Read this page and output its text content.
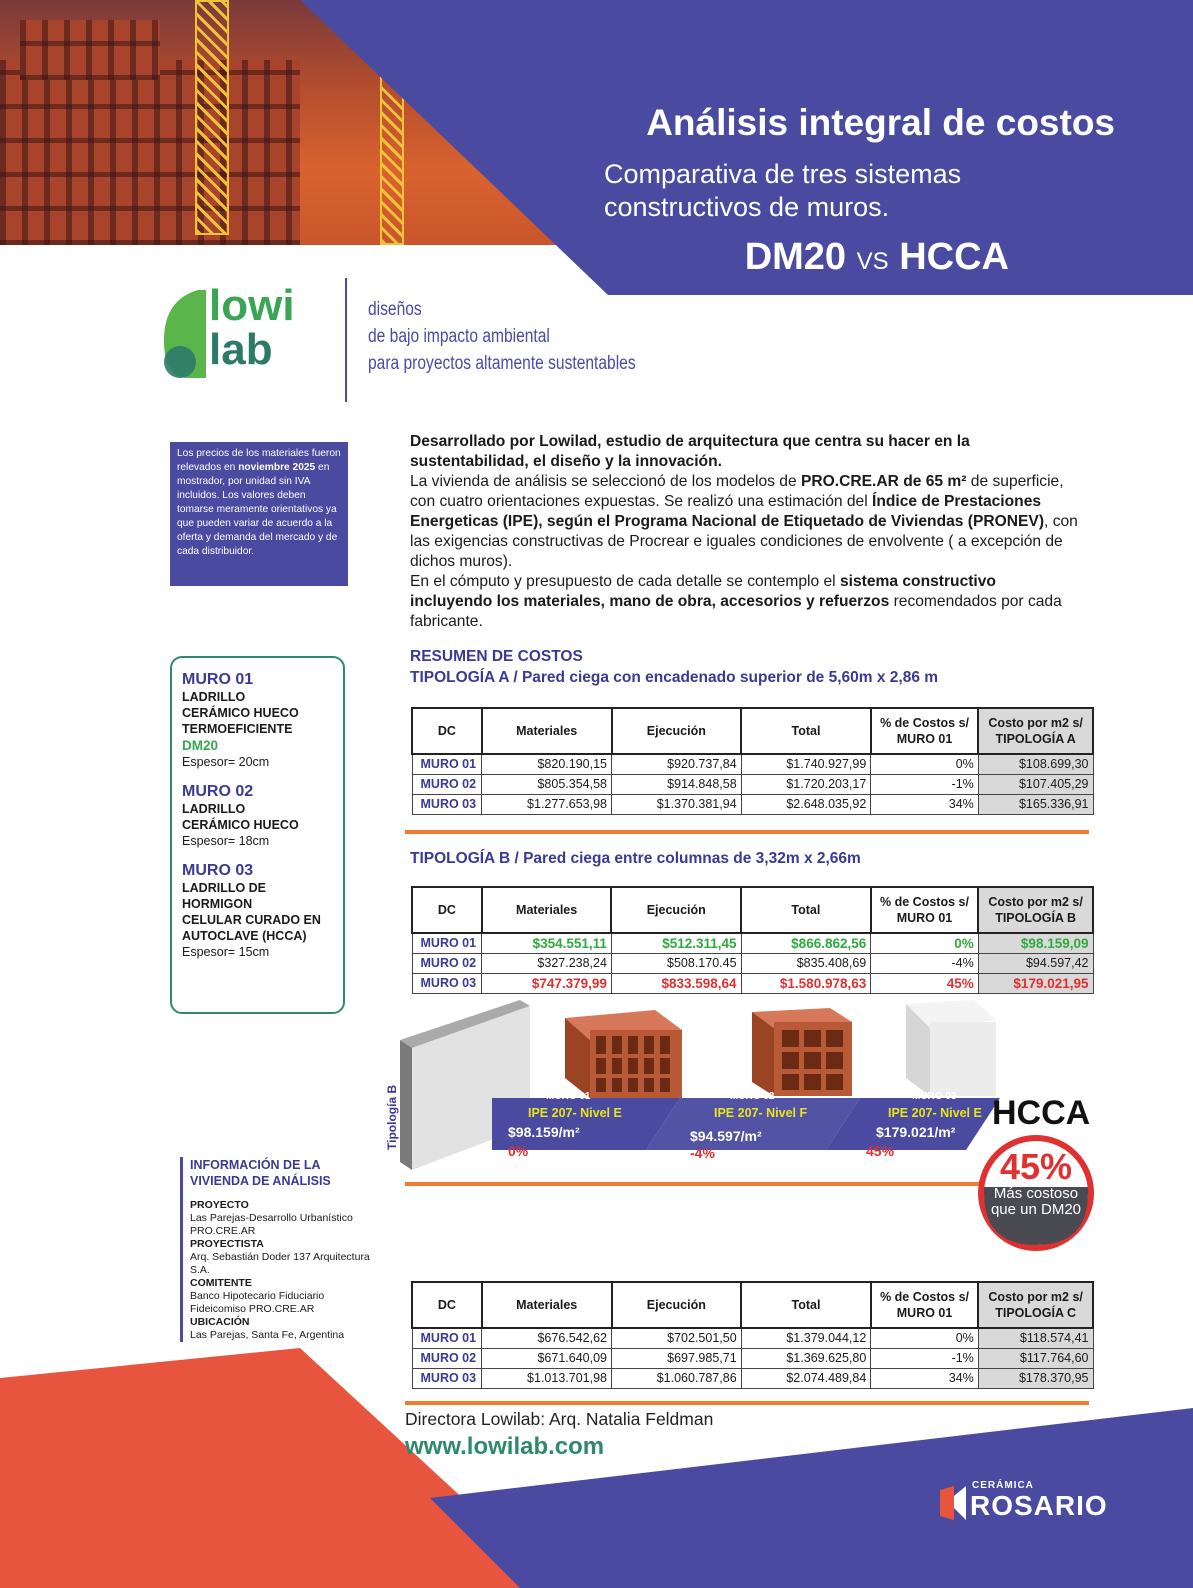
Análisis integral de costos
Comparativa de tres sistemas
constructivos de muros.
DM20 VS HCCA
lowi
lab
diseños
de bajo impacto ambiental
para proyectos altamente sustentables
Los precios de los materiales fueron relevados en noviembre 2025 en mostrador, por unidad sin IVA incluidos. Los valores deben tomarse meramente orientativos ya que pueden variar de acuerdo a la oferta y demanda del mercado y de cada distribuidor.
MURO 01
LADRILLO
CERÁMICO HUECO
TERMOEFICIENTE
DM20
Espesor= 20cm
MURO 02
LADRILLO
CERÁMICO HUECO
Espesor= 18cm
MURO 03
LADRILLO DE HORMIGON
CELULAR CURADO EN
AUTOCLAVE (HCCA)
Espesor= 15cm
Desarrollado por Lowilad, estudio de arquitectura que centra su hacer en la sustentabilidad, el diseño y la innovación.
La vivienda de análisis se seleccionó de los modelos de PRO.CRE.AR de 65 m² de superficie, con cuatro orientaciones expuestas. Se realizó una estimación del Índice de Prestaciones Energeticas (IPE), según el Programa Nacional de Etiquetado de Viviendas (PRONEV), con las exigencias constructivas de Procrear e iguales condiciones de envolvente ( a excepción de dichos muros).
En el cómputo y presupuesto de cada detalle se contemplo el sistema constructivo incluyendo los materiales, mano de obra, accesorios y refuerzos recomendados por cada fabricante.
RESUMEN DE COSTOS
TIPOLOGÍA A / Pared ciega con encadenado superior de 5,60m x 2,86 m
DC	Materiales	Ejecución	Total	% de Costos s/ MURO 01	Costo por m2 s/ TIPOLOGÍA A
MURO 01	$820.190,15	$920.737,84	$1.740.927,99	0%	$108.699,30
MURO 02	$805.354,58	$914.848,58	$1.720.203,17	-1%	$107.405,29
MURO 03	$1.277.653,98	$1.370.381,94	$2.648.035,92	34%	$165.336,91
TIPOLOGÍA B / Pared ciega entre columnas de 3,32m x 2,66m
DC	Materiales	Ejecución	Total	% de Costos s/ MURO 01	Costo por m2 s/ TIPOLOGÍA B
MURO 01	$354.551,11	$512.311,45	$866.862,56	0%	$98.159,09
MURO 02	$327.238,24	$508.170.45	$835.408,69	-4%	$94.597,42
MURO 03	$747.379,99	$833.598,64	$1.580.978,63	45%	$179.021,95
Tipología B	MURO 01	MURO 02	MURO 03
IPE 207- Nivel E	IPE 207- Nivel F	IPE 207- Nivel E
$98.159/m²	$94.597/m²	$179.021/m²
0%	-4%	45%
HCCA
45%
Más costoso que un DM20
INFORMACIÓN DE LA VIVIENDA DE ANÁLISIS
PROYECTO
Las Parejas-Desarrollo Urbanístico PRO.CRE.AR
PROYECTISTA
Arq. Sebastián Doder 137 Arquitectura S.A.
COMITENTE
Banco Hipotecario Fiduciario Fideicomiso PRO.CRE.AR
UBICACIÓN
Las Parejas, Santa Fe, Argentina
DC	Materiales	Ejecución	Total	% de Costos s/ MURO 01	Costo por m2 s/ TIPOLOGÍA C
MURO 01	$676.542,62	$702.501,50	$1.379.044,12	0%	$118.574,41
MURO 02	$671.640,09	$697.985,71	$1.369.625,80	-1%	$117.764,60
MURO 03	$1.013.701,98	$1.060.787,86	$2.074.489,84	34%	$178.370,95
Directora Lowilab: Arq. Natalia Feldman
www.lowilab.com
CERÁMICA
ROSARIO
